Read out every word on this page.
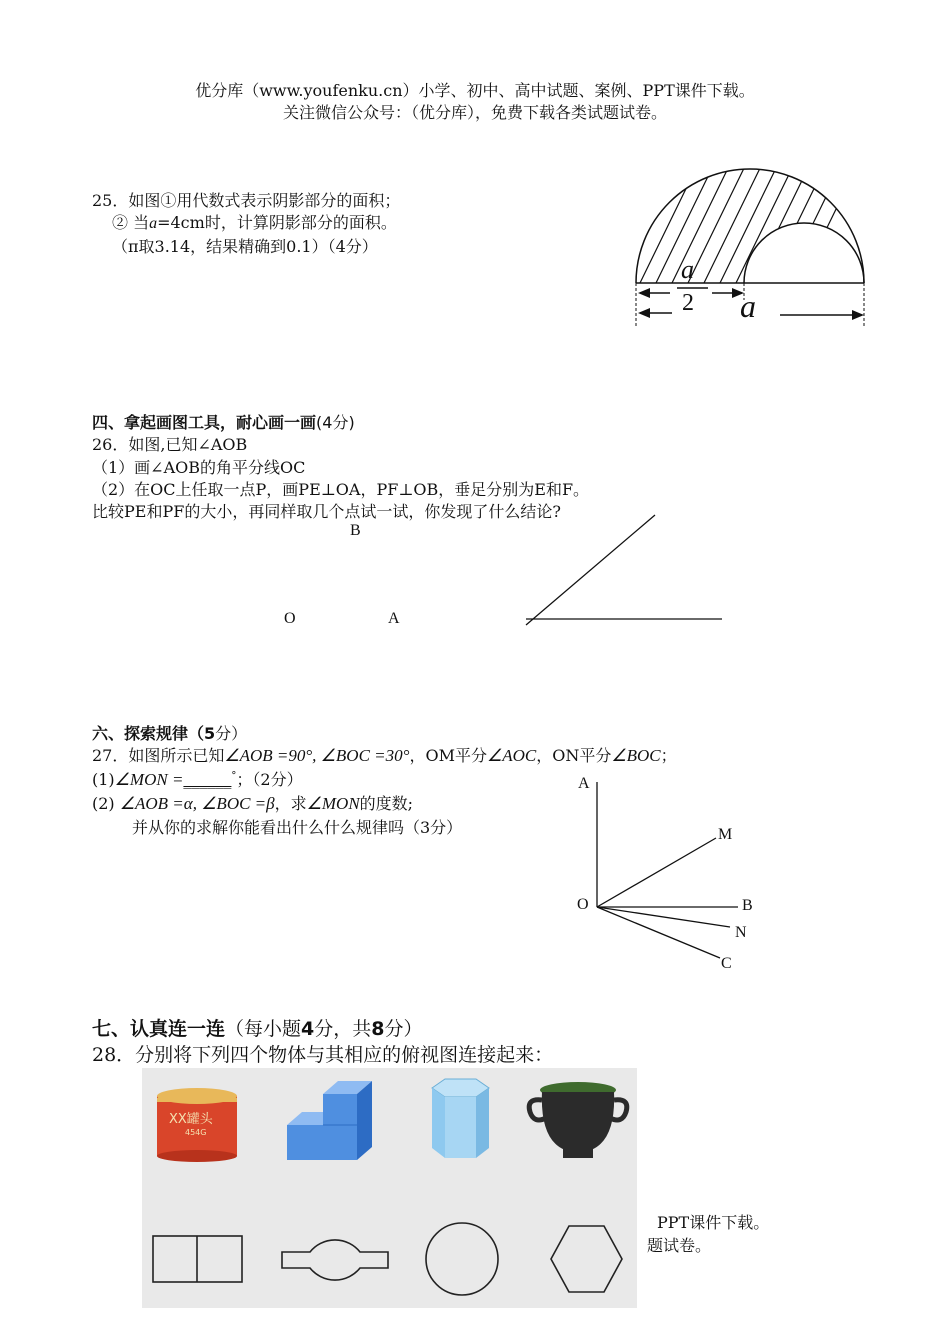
优分库（www.youfenku.cn）小学、初中、高中试题、案例、PPT课件下载。
关注微信公众号：（优分库），免费下载各类试题试卷。
25．如图①用代数式表示阴影部分的面积；
② 当a=4cm时，计算阴影部分的面积。
（π取3.14，结果精确到0.1）（4分）
a
2 a
四、拿起画图工具，耐心画一画(4分)
26．如图,已知∠AOB
（1）画∠AOB的角平分线OC
（2）在OC上任取一点P，画PE⊥OA，PF⊥OB，垂足分别为E和F。
比较PE和PF的大小，再同样取几个点试一试，你发现了什么结论?
B
O	A
六、探索规律（5分）
27．如图所示已知∠AOB =90°, ∠BOC =30°，OM平分∠AOC，ON平分∠BOC；
(1)∠MON =______°；（2分）
(2) ∠AOB =α, ∠BOC =β，求∠MON的度数;
并从你的求解你能看出什么什么规律吗（3分）
A
M
O	B
N
C
七、认真连一连（每小题4分，共8分）
28．分别将下列四个物体与其相应的俯视图连接起来：
XX罐头
454G
PPT课件下载。
题试卷。
